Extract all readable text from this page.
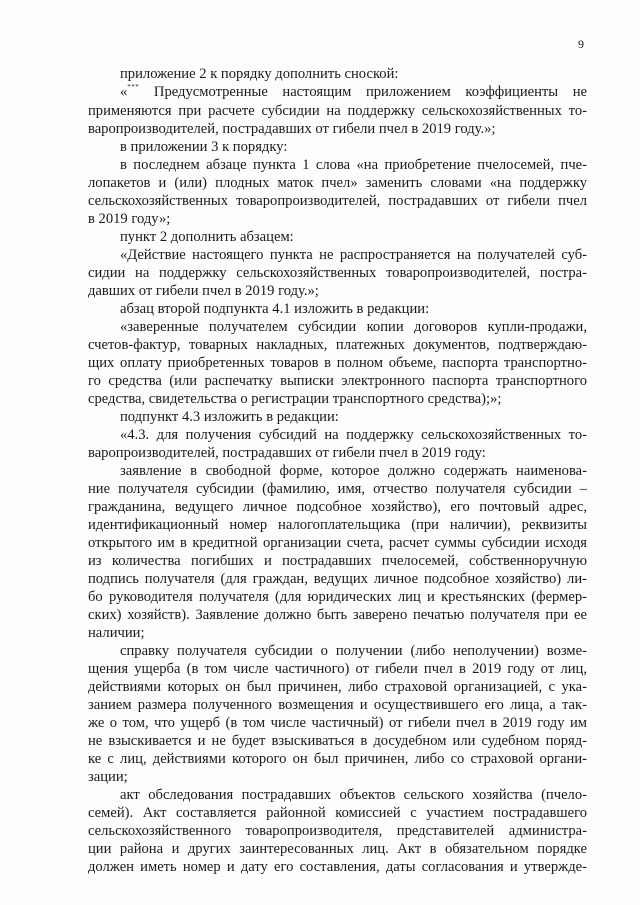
9
приложение 2 к порядку дополнить сноской:
«*** Предусмотренные настоящим приложением коэффициенты не
применяются при расчете субсидии на поддержку сельскохозяйственных то-
варопроизводителей, пострадавших от гибели пчел в 2019 году.»;
в приложении 3 к порядку:
в последнем абзаце пункта 1 слова «на приобретение пчелосемей, пче-
лопакетов и (или) плодных маток пчел» заменить словами «на поддержку
сельскохозяйственных товаропроизводителей, пострадавших от гибели пчел
в 2019 году»;
пункт 2 дополнить абзацем:
«Действие настоящего пункта не распространяется на получателей суб-
сидии на поддержку сельскохозяйственных товаропроизводителей, постра-
давших от гибели пчел в 2019 году.»;
абзац второй подпункта 4.1 изложить в редакции:
«заверенные получателем субсидии копии договоров купли-продажи,
счетов-фактур, товарных накладных, платежных документов, подтверждаю-
щих оплату приобретенных товаров в полном объеме, паспорта транспортно-
го средства (или распечатку выписки электронного паспорта транспортного
средства, свидетельства о регистрации транспортного средства);»;
подпункт 4.3 изложить в редакции:
«4.3. для получения субсидий на поддержку сельскохозяйственных то-
варопроизводителей, пострадавших от гибели пчел в 2019 году:
заявление в свободной форме, которое должно содержать наименова-
ние получателя субсидии (фамилию, имя, отчество получателя субсидии –
гражданина, ведущего личное подсобное хозяйство), его почтовый адрес,
идентификационный номер налогоплательщика (при наличии), реквизиты
открытого им в кредитной организации счета, расчет суммы субсидии исходя
из количества погибших и пострадавших пчелосемей, собственноручную
подпись получателя (для граждан, ведущих личное подсобное хозяйство) ли-
бо руководителя получателя (для юридических лиц и крестьянских (фермер-
ских) хозяйств). Заявление должно быть заверено печатью получателя при ее
наличии;
справку получателя субсидии о получении (либо неполучении) возме-
щения ущерба (в том числе частичного) от гибели пчел в 2019 году от лиц,
действиями которых он был причинен, либо страховой организацией, с ука-
занием размера полученного возмещения и осуществившего его лица, а так-
же о том, что ущерб (в том числе частичный) от гибели пчел в 2019 году им
не взыскивается и не будет взыскиваться в досудебном или судебном поряд-
ке с лиц, действиями которого он был причинен, либо со страховой органи-
зации;
акт обследования пострадавших объектов сельского хозяйства (пчело-
семей). Акт составляется районной комиссией с участием пострадавшего
сельскохозяйственного товаропроизводителя, представителей администра-
ции района и других заинтересованных лиц. Акт в обязательном порядке
должен иметь номер и дату его составления, даты согласования и утвержде-
